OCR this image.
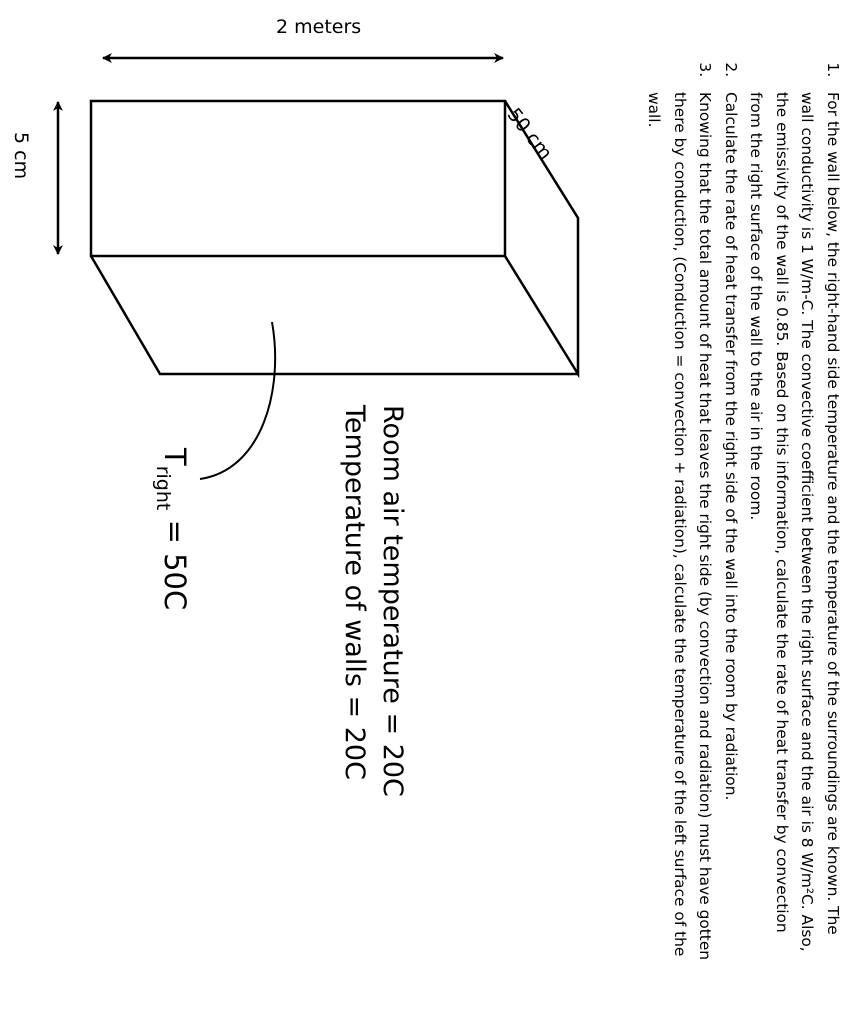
2 meters
50 cm
5 cm
Room air temperature = 20C
Temperature of walls = 20C
$T_{right} = 50C$
1.	For the wall below, the right-hand side temperature and the temperature of the surroundings are known. The wall conductivity is 1 W/m-C. The convective coefficient between the right surface and the air is 8 W/m²C. Also, the emissivity of the wall is 0.85. Based on this information, calculate the rate of heat transfer by convection from the right surface of the wall to the air in the room.
2. Calculate the rate of heat transfer from the right side of the wall into the room by radiation.
3. Knowing that the total amount of heat that leaves the right side (by convection and radiation) must have gotten there by conduction, (Conduction = convection + radiation), calculate the temperature of the left surface of the wall.
